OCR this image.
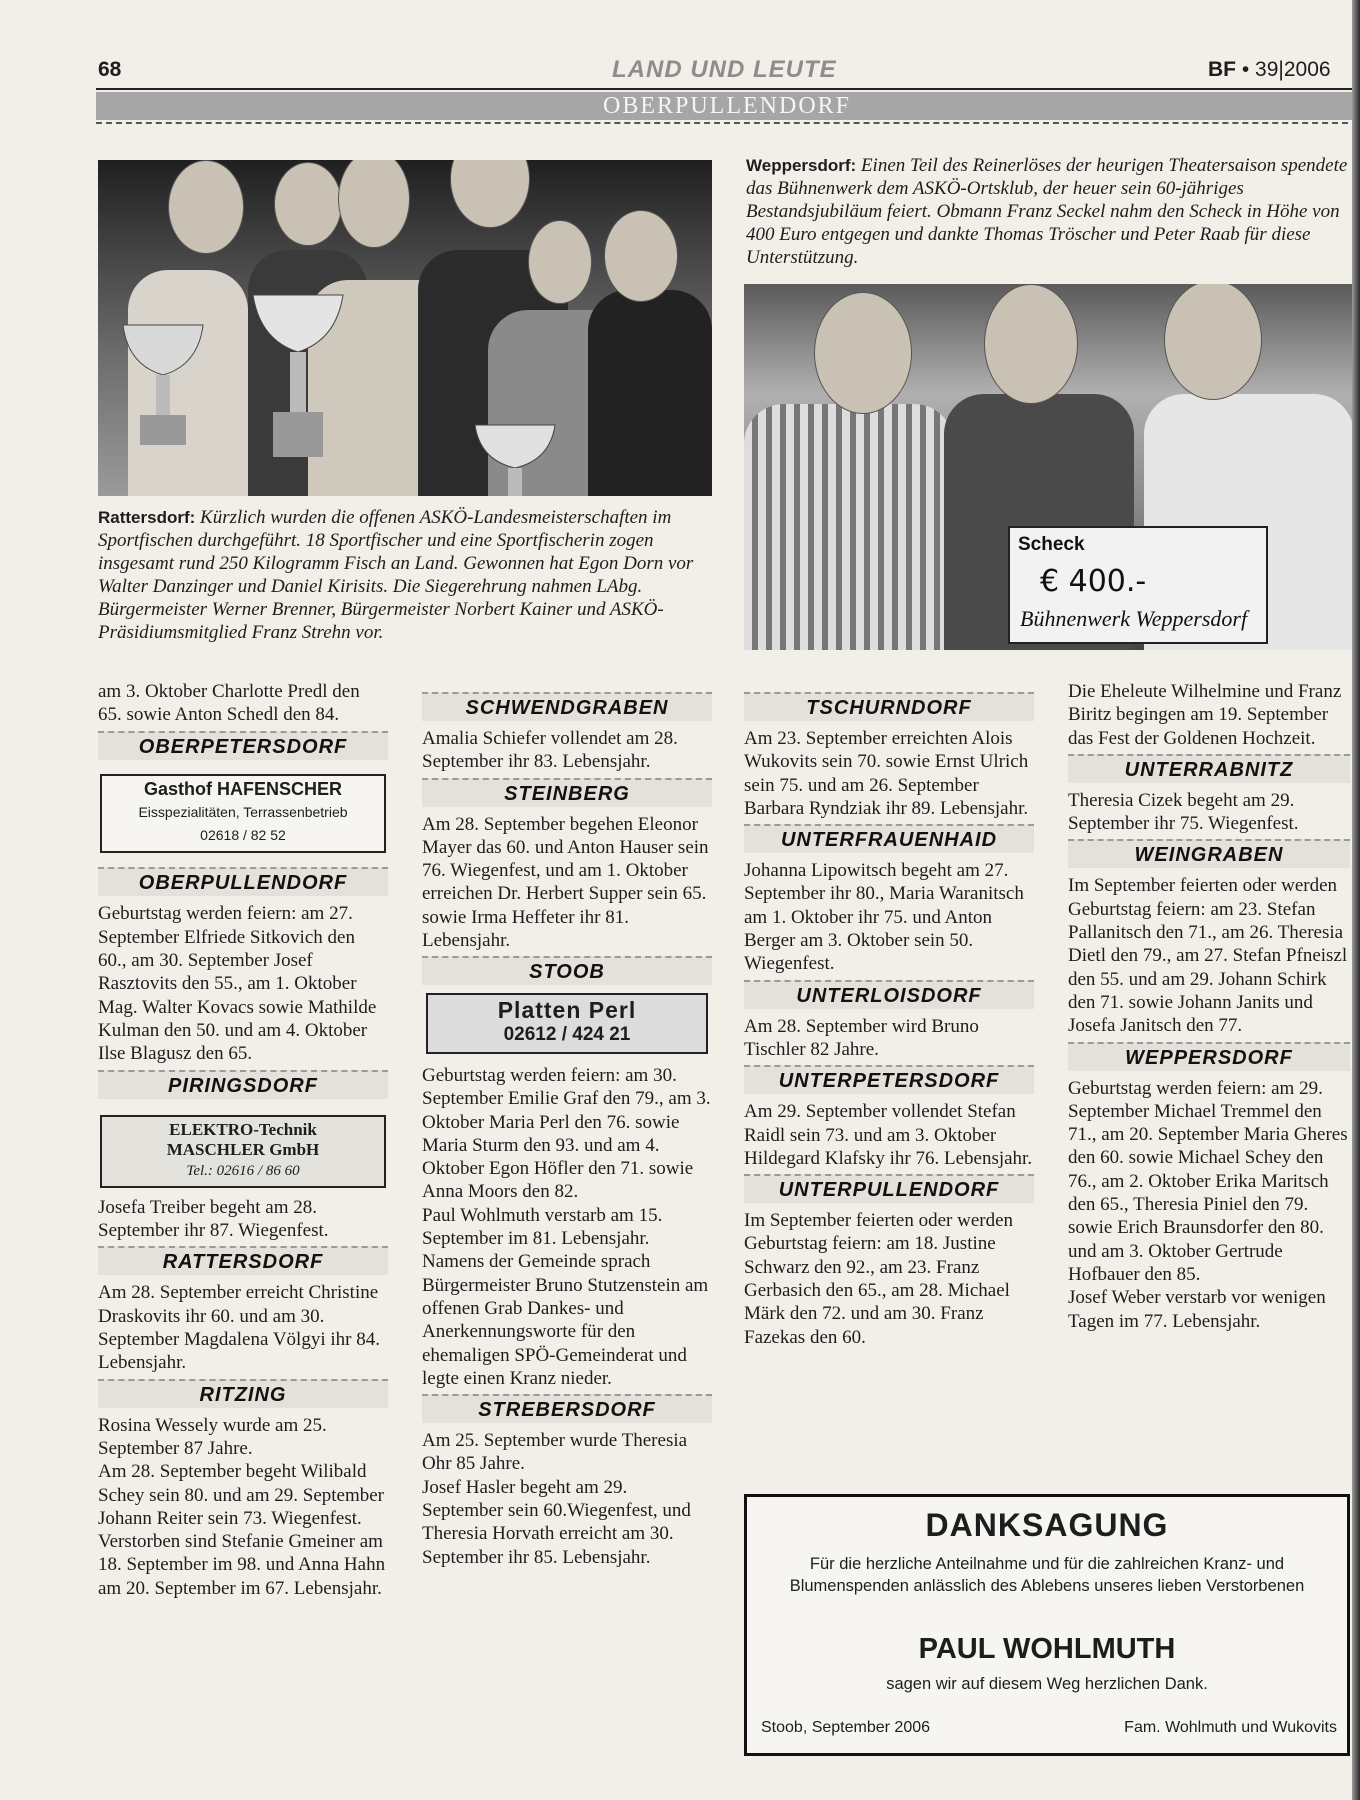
68	LAND UND LEUTE	BF • 39|2006
OBERPULLENDORF
Rattersdorf: Kürzlich wurden die offenen ASKÖ-Landesmeisterschaften im Sportfischen durchgeführt. 18 Sportfischer und eine Sportfischerin zogen insgesamt rund 250 Kilogramm Fisch an Land. Gewonnen hat Egon Dorn vor Walter Danzinger und Daniel Kirisits. Die Siegerehrung nahmen LAbg. Bürgermeister Werner Brenner, Bürgermeister Norbert Kainer und ASKÖ-Präsidiumsmitglied Franz Strehn vor.
Weppersdorf: Einen Teil des Reinerlöses der heurigen Theatersaison spendete das Bühnenwerk dem ASKÖ-Ortsklub, der heuer sein 60-jähriges Bestandsjubiläum feiert. Obmann Franz Seckel nahm den Scheck in Höhe von 400 Euro entgegen und dankte Thomas Tröscher und Peter Raab für diese Unterstützung.
Scheck
€ 400.-
Bühnenwerk Weppersdorf

am 3. Oktober Charlotte Predl den 65. sowie Anton Schedl den 84.

OBERPETERSDORF
Gasthof HAFENSCHER
Eisspezialitäten, Terrassenbetrieb
02618 / 82 52
OBERPULLENDORF

Geburtstag werden feiern: am 27. September Elfriede Sitkovich den 60., am 30. September Josef Rasztovits den 55., am 1. Oktober Mag. Walter Kovacs sowie Mathilde Kulman den 50. und am 4. Oktober Ilse Blagusz den 65.

PIRINGSDORF
ELEKTRO-Technik
MASCHLER GmbH
Tel.: 02616 / 86 60

Josefa Treiber begeht am 28. September ihr 87. Wiegenfest.

RATTERSDORF

Am 28. September erreicht Christine Draskovits ihr 60. und am 30. September Magdalena Völgyi ihr 84. Lebensjahr.

RITZING

Rosina Wessely wurde am 25. September 87 Jahre.

Am 28. September begeht Wilibald Schey sein 80. und am 29. September Johann Reiter sein 73. Wiegenfest.

Verstorben sind Stefanie Gmeiner am 18. September im 98. und Anna Hahn am 20. September im 67. Lebensjahr.

SCHWENDGRABEN

Amalia Schiefer vollendet am 28. September ihr 83. Lebensjahr.

STEINBERG

Am 28. September begehen Eleonor Mayer das 60. und Anton Hauser sein 76. Wiegenfest, und am 1. Oktober erreichen Dr. Herbert Supper sein 65. sowie Irma Heffeter ihr 81. Lebensjahr.

STOOB
Platten Perl
02612 / 424 21

Geburtstag werden feiern: am 30. September Emilie Graf den 79., am 3. Oktober Maria Perl den 76. sowie Maria Sturm den 93. und am 4. Oktober Egon Höfler den 71. sowie Anna Moors den 82.

Paul Wohlmuth verstarb am 15. September im 81. Lebensjahr. Namens der Gemeinde sprach Bürgermeister Bruno Stutzenstein am offenen Grab Dankes- und Anerkennungsworte für den ehemaligen SPÖ-Gemeinderat und legte einen Kranz nieder.

STREBERSDORF

Am 25. September wurde Theresia Ohr 85 Jahre.

Josef Hasler begeht am 29. September sein 60.Wiegenfest, und Theresia Horvath erreicht am 30. September ihr 85. Lebensjahr.

TSCHURNDORF

Am 23. September erreichten Alois Wukovits sein 70. sowie Ernst Ulrich sein 75. und am 26. September Barbara Ryndziak ihr 89. Lebensjahr.

UNTERFRAUENHAID

Johanna Lipowitsch begeht am 27. September ihr 80., Maria Waranitsch am 1. Oktober ihr 75. und Anton Berger am 3. Oktober sein 50. Wiegenfest.

UNTERLOISDORF

Am 28. September wird Bruno Tischler 82 Jahre.

UNTERPETERSDORF

Am 29. September vollendet Stefan Raidl sein 73. und am 3. Oktober Hildegard Klafsky ihr 76. Lebensjahr.

UNTERPULLENDORF

Im September feierten oder werden Geburtstag feiern: am 18. Justine Schwarz den 92., am 23. Franz Gerbasich den 65., am 28. Michael Märk den 72. und am 30. Franz Fazekas den 60.

Die Eheleute Wilhelmine und Franz Biritz begingen am 19. September das Fest der Goldenen Hochzeit.

UNTERRABNITZ

Theresia Cizek begeht am 29. September ihr 75. Wiegenfest.

WEINGRABEN

Im September feierten oder werden Geburtstag feiern: am 23. Stefan Pallanitsch den 71., am 26. Theresia Dietl den 79., am 27. Stefan Pfneiszl den 55. und am 29. Johann Schirk den 71. sowie Johann Janits und Josefa Janitsch den 77.

WEPPERSDORF

Geburtstag werden feiern: am 29. September Michael Tremmel den 71., am 20. September Maria Gheres den 60. sowie Michael Schey den 76., am 2. Oktober Erika Maritsch den 65., Theresia Piniel den 79. sowie Erich Braunsdorfer den 80. und am 3. Oktober Gertrude Hofbauer den 85.

Josef Weber verstarb vor wenigen Tagen im 77. Lebensjahr.

DANKSAGUNG
Für die herzliche Anteilnahme und für die zahlreichen Kranz- und Blumenspenden anlässlich des Ablebens unseres lieben Verstorbenen
PAUL WOHLMUTH
sagen wir auf diesem Weg herzlichen Dank.
Stoob, September 2006	Fam. Wohlmuth und Wukovits
